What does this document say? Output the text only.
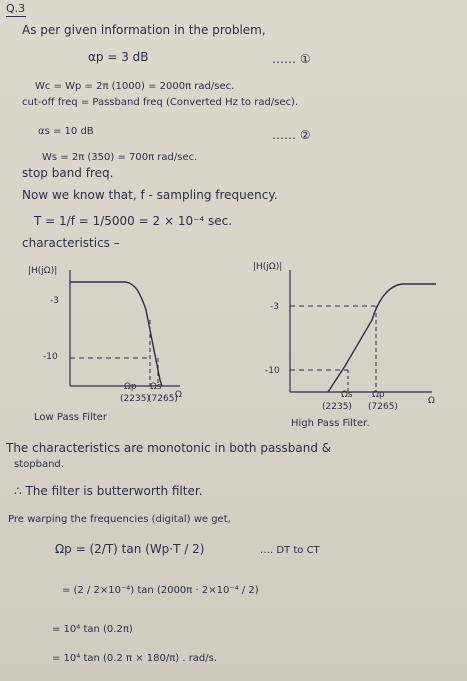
Q.3
As per given information in the problem,
αp = 3 dB	…… ①
Wc = Wp = 2π (1000) = 2000π rad/sec.
cut-off freq = Passband freq (Converted Hz to rad/sec).
αs = 10 dB	…… ②
Ws = 2π (350) = 700π rad/sec.
stop band freq.
Now we know that, f - sampling frequency.
T = 1/f = 1/5000 = 2 × 10⁻⁴ sec.
characteristics –
|H(jΩ)|
-3
-10
Ωp Ωs
(2235)
(7265)
Ω
Low Pass Filter
|H(jΩ)|
-3
-10
Ωs Ωp
(2235) (7265)
Ω
High Pass Filter.
The characteristics are monotonic in both passband &
stopband.
∴ The filter is butterworth filter.
Pre warping the frequencies (digital) we get,
Ωp = (2/T) tan (Wp·T / 2)	…. DT to CT
= (2 / 2×10⁻⁴) tan (2000π · 2×10⁻⁴ / 2)
= 10⁴ tan (0.2π)
= 10⁴ tan (0.2 π × 180/π) . rad/s.
